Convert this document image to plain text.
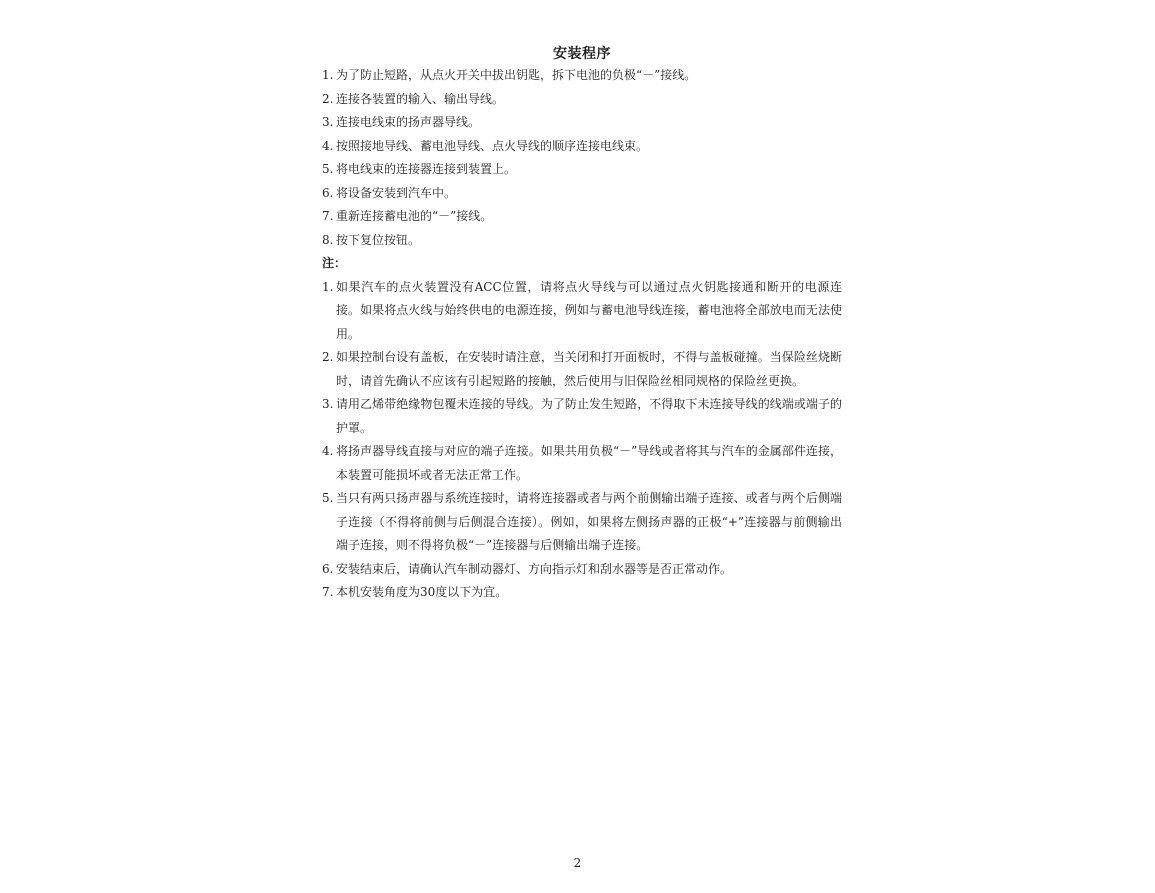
安装程序
1. 为了防止短路，从点火开关中拔出钥匙，拆下电池的负极“－”接线。
2. 连接各装置的输入、输出导线。
3. 连接电线束的扬声器导线。
4. 按照接地导线、蓄电池导线、点火导线的顺序连接电线束。
5. 将电线束的连接器连接到装置上。
6. 将设备安装到汽车中。
7. 重新连接蓄电池的“－”接线。
8. 按下复位按钮。
注：
1. 如果汽车的点火装置没有ACC位置，请将点火导线与可以通过点火钥匙接通和断开的电源连接。如果将点火线与始终供电的电源连接，例如与蓄电池导线连接，蓄电池将全部放电而无法使用。
2. 如果控制台设有盖板，在安装时请注意，当关闭和打开面板时，不得与盖板碰撞。当保险丝烧断时，请首先确认不应该有引起短路的接触，然后使用与旧保险丝相同规格的保险丝更换。
3. 请用乙烯带绝缘物包覆未连接的导线。为了防止发生短路，不得取下未连接导线的线端或端子的护罩。
4. 将扬声器导线直接与对应的端子连接。如果共用负极“－”导线或者将其与汽车的金属部件连接，本装置可能损坏或者无法正常工作。
5. 当只有两只扬声器与系统连接时，请将连接器或者与两个前侧输出端子连接、或者与两个后侧端子连接（不得将前侧与后侧混合连接）。例如，如果将左侧扬声器的正极“+”连接器与前侧输出端子连接，则不得将负极“－”连接器与后侧输出端子连接。
6. 安装结束后，请确认汽车制动器灯、方向指示灯和刮水器等是否正常动作。
7. 本机安装角度为30度以下为宜。
2
